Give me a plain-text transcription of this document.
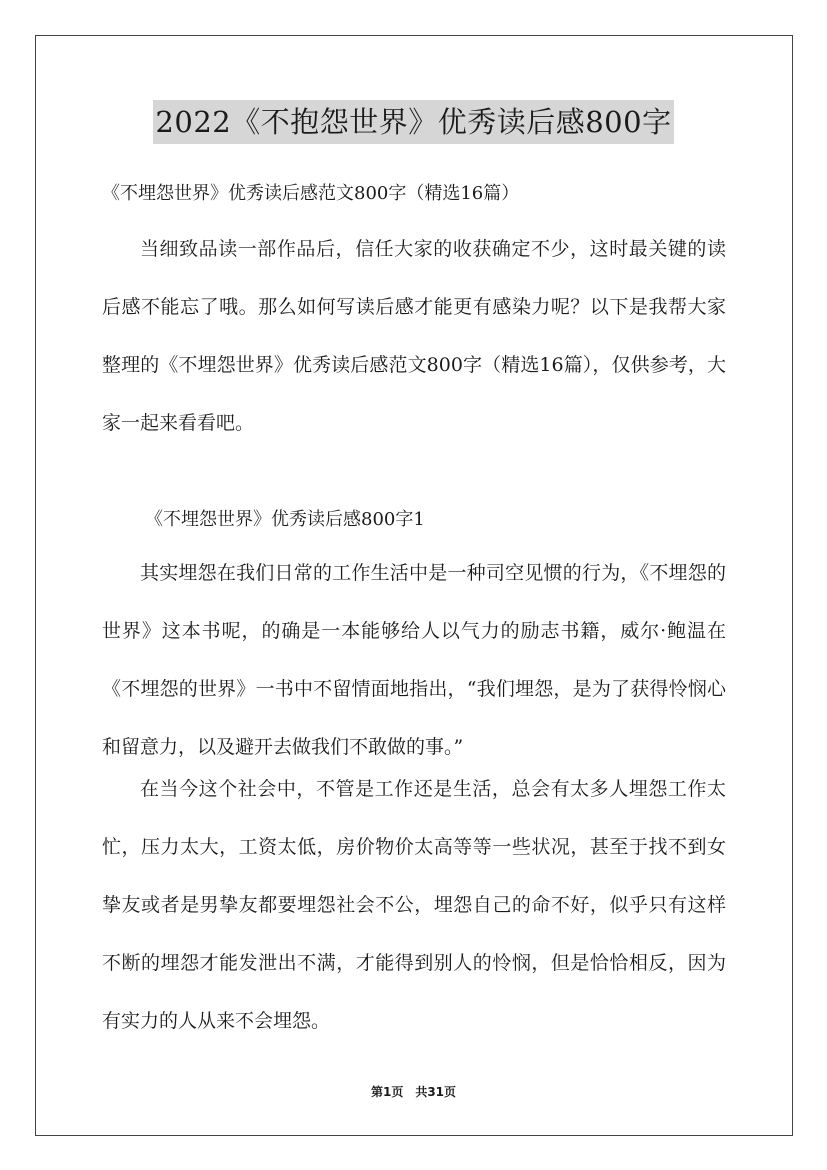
2022《不抱怨世界》优秀读后感800字
《不埋怨世界》优秀读后感范文800字（精选16篇）

当细致品读一部作品后，信任大家的收获确定不少，这时最关键的读后感不能忘了哦。那么如何写读后感才能更有感染力呢？以下是我帮大家整理的《不埋怨世界》优秀读后感范文800字（精选16篇），仅供参考，大家一起来看看吧。

《不埋怨世界》优秀读后感800字1

其实埋怨在我们日常的工作生活中是一种司空见惯的行为，《不埋怨的世界》这本书呢，的确是一本能够给人以气力的励志书籍，威尔·鲍温在《不埋怨的世界》一书中不留情面地指出，“我们埋怨，是为了获得怜悯心和留意力，以及避开去做我们不敢做的事。”

在当今这个社会中，不管是工作还是生活，总会有太多人埋怨工作太忙，压力太大，工资太低，房价物价太高等等一些状况，甚至于找不到女挚友或者是男挚友都要埋怨社会不公，埋怨自己的命不好，似乎只有这样不断的埋怨才能发泄出不满，才能得到别人的怜悯，但是恰恰相反，因为有实力的人从来不会埋怨。

第1页　共31页
